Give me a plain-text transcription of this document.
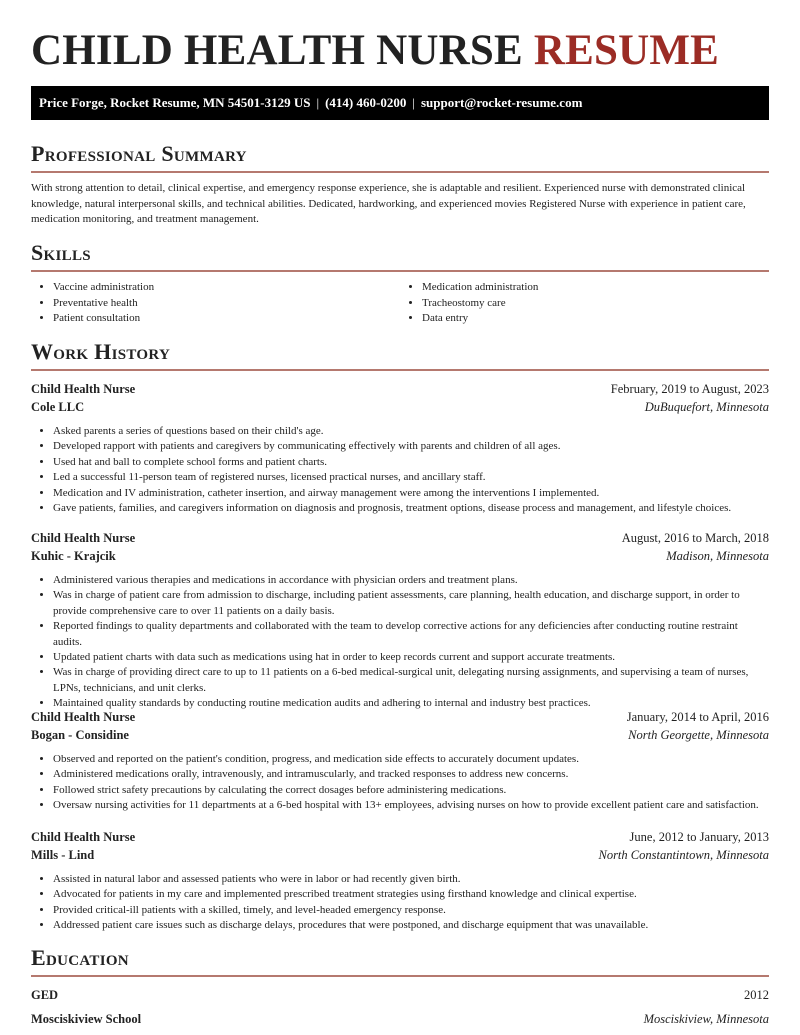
CHILD HEALTH NURSE RESUME
Price Forge, Rocket Resume, MN 54501-3129 US | (414) 460-0200 | support@rocket-resume.com
Professional Summary

With strong attention to detail, clinical expertise, and emergency response experience, she is adaptable and resilient. Experienced nurse with demonstrated clinical knowledge, natural interpersonal skills, and technical abilities. Dedicated, hardworking, and experienced movies Registered Nurse with experience in patient care, medication monitoring, and treatment management.

Skills
• Vaccine administration
• Preventative health
• Patient consultation
• Medication administration
• Tracheostomy care
• Data entry
Work History
Child Health Nurse	February, 2019 to August, 2023
Cole LLC	DuBuquefort, Minnesota
• Asked parents a series of questions based on their child's age.
• Developed rapport with patients and caregivers by communicating effectively with parents and children of all ages.
• Used hat and ball to complete school forms and patient charts.
• Led a successful 11-person team of registered nurses, licensed practical nurses, and ancillary staff.
• Medication and IV administration, catheter insertion, and airway management were among the interventions I implemented.
• Gave patients, families, and caregivers information on diagnosis and prognosis, treatment options, disease process and management, and lifestyle choices.
Child Health Nurse	August, 2016 to March, 2018
Kuhic - Krajcik	Madison, Minnesota
• Administered various therapies and medications in accordance with physician orders and treatment plans.
• Was in charge of patient care from admission to discharge, including patient assessments, care planning, health education, and discharge support, in order to provide comprehensive care to over 11 patients on a daily basis.
• Reported findings to quality departments and collaborated with the team to develop corrective actions for any deficiencies after conducting routine restraint audits.
• Updated patient charts with data such as medications using hat in order to keep records current and support accurate treatments.
• Was in charge of providing direct care to up to 11 patients on a 6-bed medical-surgical unit, delegating nursing assignments, and supervising a team of nurses, LPNs, technicians, and unit clerks.
• Maintained quality standards by conducting routine medication audits and adhering to internal and industry best practices.
Child Health Nurse	January, 2014 to April, 2016
Bogan - Considine	North Georgette, Minnesota
• Observed and reported on the patient's condition, progress, and medication side effects to accurately document updates.
• Administered medications orally, intravenously, and intramuscularly, and tracked responses to address new concerns.
• Followed strict safety precautions by calculating the correct dosages before administering medications.
• Oversaw nursing activities for 11 departments at a 6-bed hospital with 13+ employees, advising nurses on how to provide excellent patient care and satisfaction.
Child Health Nurse	June, 2012 to January, 2013
Mills - Lind	North Constantintown, Minnesota
• Assisted in natural labor and assessed patients who were in labor or had recently given birth.
• Advocated for patients in my care and implemented prescribed treatment strategies using firsthand knowledge and clinical expertise.
• Provided critical-ill patients with a skilled, timely, and level-headed emergency response.
• Addressed patient care issues such as discharge delays, procedures that were postponed, and discharge equipment that was unavailable.
Education
GED	2012
Mosciskiview School	Mosciskiview, Minnesota
